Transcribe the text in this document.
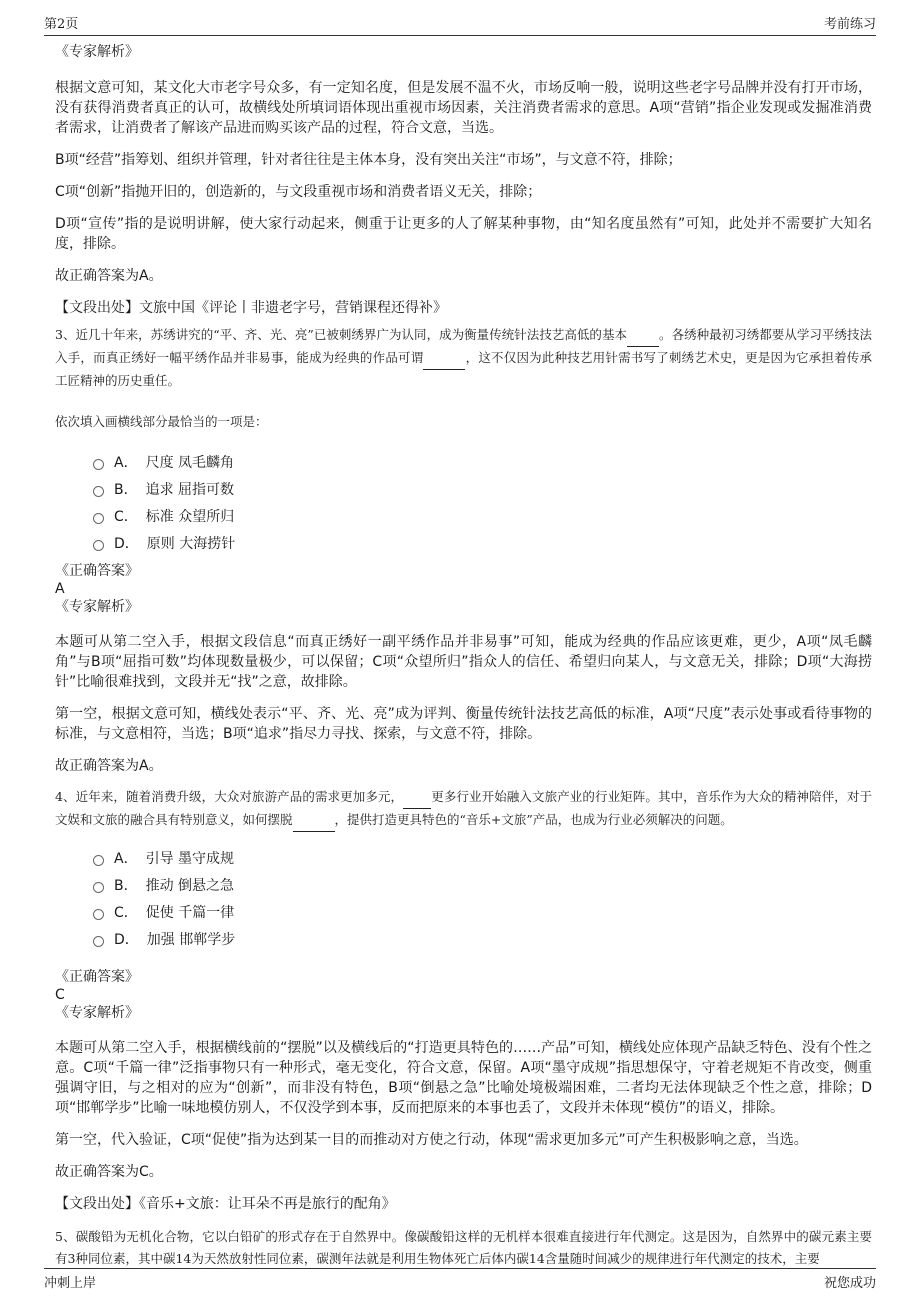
第2页	考前练习

《专家解析》

根据文意可知，某文化大市老字号众多，有一定知名度，但是发展不温不火，市场反响一般，说明这些老字号品牌并没有打开市场，没有获得消费者真正的认可，故横线处所填词语体现出重视市场因素，关注消费者需求的意思。A项“营销”指企业发现或发掘准消费者需求，让消费者了解该产品进而购买该产品的过程，符合文意，当选。

B项“经营”指筹划、组织并管理，针对者往往是主体本身，没有突出关注“市场”，与文意不符，排除；

C项“创新”指抛开旧的，创造新的，与文段重视市场和消费者语义无关，排除；

D项“宣传”指的是说明讲解，使大家行动起来，侧重于让更多的人了解某种事物，由“知名度虽然有”可知，此处并不需要扩大知名度，排除。

故正确答案为A。

【文段出处】文旅中国《评论丨非遗老字号，营销课程还得补》

3、近几十年来，苏绣讲究的“平、齐、光、亮”已被刺绣界广为认同，成为衡量传统针法技艺高低的基本	。各绣种最初习绣都要从学习平绣技法入手，而真正绣好一幅平绣作品并非易事，能成为经典的作品可谓	，这不仅因为此种技艺用针需书写了刺绣艺术史，更是因为它承担着传承工匠精神的历史重任。

依次填入画横线部分最恰当的一项是：

A． 尺度 凤毛麟角
B． 追求 屈指可数
C． 标准 众望所归
D． 原则 大海捞针

《正确答案》

A

《专家解析》

本题可从第二空入手，根据文段信息“而真正绣好一副平绣作品并非易事”可知，能成为经典的作品应该更难，更少，A项“凤毛麟角”与B项“屈指可数”均体现数量极少，可以保留；C项“众望所归”指众人的信任、希望归向某人，与文意无关，排除；D项“大海捞针”比喻很难找到，文段并无“找”之意，故排除。

第一空，根据文意可知，横线处表示“平、齐、光、亮”成为评判、衡量传统针法技艺高低的标准，A项“尺度”表示处事或看待事物的标准，与文意相符，当选；B项“追求”指尽力寻找、探索，与文意不符，排除。

故正确答案为A。

4、近年来，随着消费升级，大众对旅游产品的需求更加多元， 更多行业开始融入文旅产业的行业矩阵。其中，音乐作为大众的精神陪伴，对于文娱和文旅的融合具有特别意义，如何摆脱	，提供打造更具特色的“音乐+文旅”产品，也成为行业必须解决的问题。

A． 引导 墨守成规
B． 推动 倒悬之急
C． 促使 千篇一律
D． 加强 邯郸学步

《正确答案》

C

《专家解析》

本题可从第二空入手，根据横线前的“摆脱”以及横线后的“打造更具特色的……产品”可知，横线处应体现产品缺乏特色、没有个性之意。C项“千篇一律”泛指事物只有一种形式，毫无变化，符合文意，保留。A项“墨守成规”指思想保守，守着老规矩不肯改变，侧重强调守旧，与之相对的应为“创新”，而非没有特色，B项“倒悬之急”比喻处境极端困难，二者均无法体现缺乏个性之意，排除；D项“邯郸学步”比喻一味地模仿别人，不仅没学到本事，反而把原来的本事也丢了，文段并未体现“模仿”的语义，排除。

第一空，代入验证，C项“促使”指为达到某一目的而推动对方使之行动，体现“需求更加多元”可产生积极影响之意，当选。

故正确答案为C。

【文段出处】《音乐+文旅：让耳朵不再是旅行的配角》

5、碳酸铅为无机化合物，它以白铅矿的形式存在于自然界中。像碳酸铅这样的无机样本很难直接进行年代测定。这是因为，自然界中的碳元素主要有3种同位素，其中碳14为天然放射性同位素，碳测年法就是利用生物体死亡后体内碳14含量随时间减少的规律进行年代测定的技术，主要

冲刺上岸	祝您成功
